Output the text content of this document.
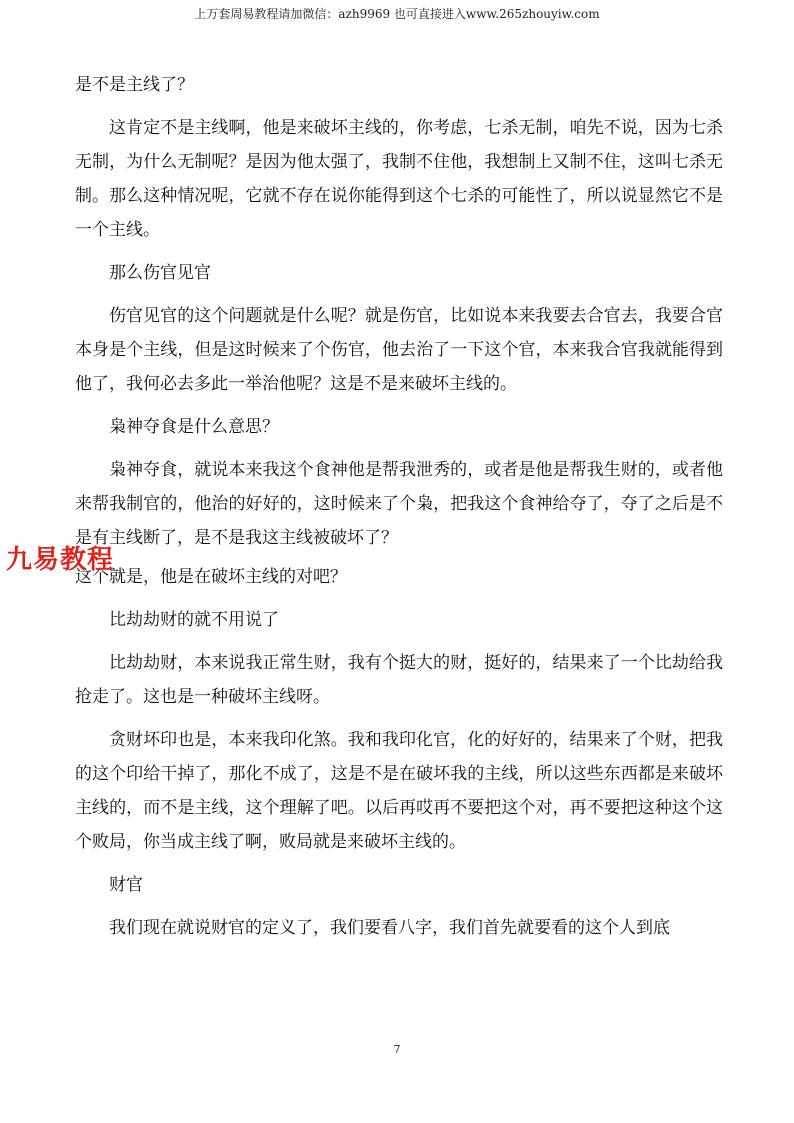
上万套周易教程请加微信：azh9969 也可直接进入www.265zhouyiw.com

是不是主线了？

这肯定不是主线啊，他是来破坏主线的，你考虑，七杀无制，咱先不说，因为七杀无制，为什么无制呢？是因为他太强了，我制不住他，我想制上又制不住，这叫七杀无制。那么这种情况呢，它就不存在说你能得到这个七杀的可能性了，所以说显然它不是一个主线。

那么伤官见官

伤官见官的这个问题就是什么呢？就是伤官，比如说本来我要去合官去，我要合官本身是个主线，但是这时候来了个伤官，他去治了一下这个官，本来我合官我就能得到他了，我何必去多此一举治他呢？这是不是来破坏主线的。

枭神夺食是什么意思？

枭神夺食，就说本来我这个食神他是帮我泄秀的，或者是他是帮我生财的，或者他来帮我制官的，他治的好好的，这时候来了个枭，把我这个食神给夺了，夺了之后是不是有主线断了，是不是我这主线被破坏了？

这个就是，他是在破坏主线的对吧？

比劫劫财的就不用说了

比劫劫财，本来说我正常生财，我有个挺大的财，挺好的，结果来了一个比劫给我抢走了。这也是一种破坏主线呀。

贪财坏印也是，本来我印化煞。我和我印化官，化的好好的，结果来了个财，把我的这个印给干掉了，那化不成了，这是不是在破坏我的主线，所以这些东西都是来破坏主线的，而不是主线，这个理解了吧。以后再哎再不要把这个对，再不要把这种这个这个败局，你当成主线了啊，败局就是来破坏主线的。

财官

我们现在就说财官的定义了，我们要看八字，我们首先就要看的这个人到底

九易教程
7
